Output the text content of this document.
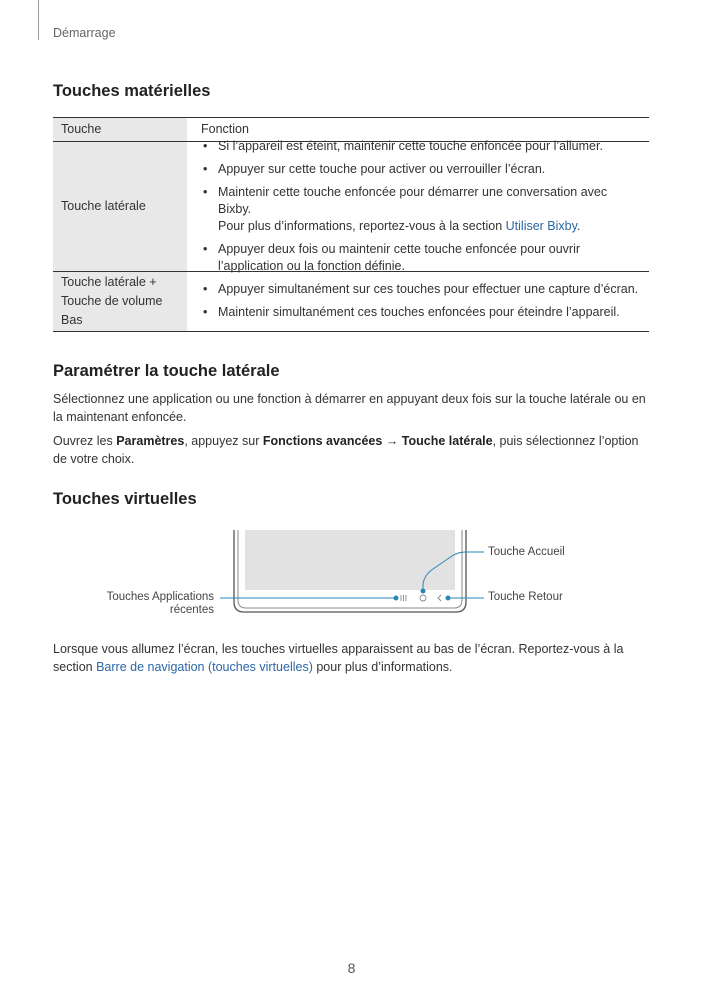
Démarrage
Touches matérielles
Touche	Fonction
Touche latérale
• Si l’appareil est éteint, maintenir cette touche enfoncée pour l’allumer.
• Appuyer sur cette touche pour activer ou verrouiller l’écran.
• Maintenir cette touche enfoncée pour démarrer une conversation avec Bixby.
Pour plus d’informations, reportez-vous à la section Utiliser Bixby.
• Appuyer deux fois ou maintenir cette touche enfoncée pour ouvrir
l’application ou la fonction définie.
Touche latérale +
Touche de volume
Bas
• Appuyer simultanément sur ces touches pour effectuer une capture d’écran.
• Maintenir simultanément ces touches enfoncées pour éteindre l’appareil.
Paramétrer la touche latérale

Sélectionnez une application ou une fonction à démarrer en appuyant deux fois sur la touche latérale ou en la maintenant enfoncée.

Ouvrez les Paramètres, appuyez sur Fonctions avancées → Touche latérale, puis sélectionnez l’option de votre choix.

Touches virtuelles
Touche Accueil
Touche Retour
Touches Applications
récentes

Lorsque vous allumez l’écran, les touches virtuelles apparaissent au bas de l’écran. Reportez-vous à la section Barre de navigation (touches virtuelles) pour plus d’informations.

8
